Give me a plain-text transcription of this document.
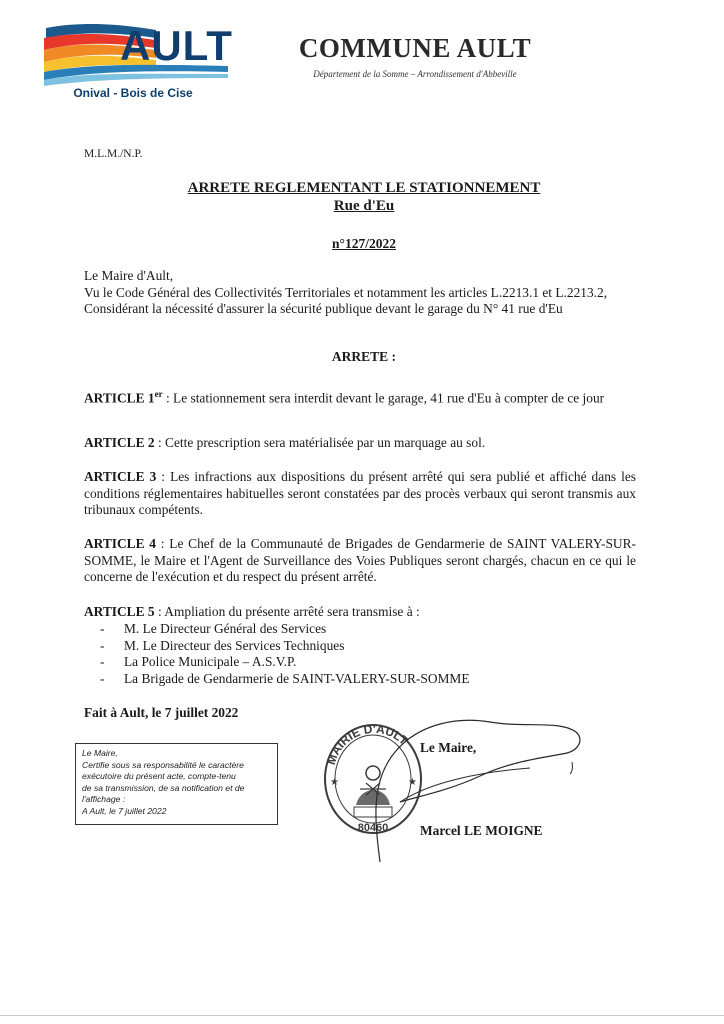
AULT
Onival - Bois de Cise
COMMUNE AULT
Département de la Somme – Arrondissement d'Abbeville
M.L.M./N.P.
ARRETE REGLEMENTANT LE STATIONNEMENT
Rue d'Eu
n°127/2022
Le Maire d'Ault,
Vu le Code Général des Collectivités Territoriales et notamment les articles L.2213.1 et L.2213.2,
Considérant la nécessité d'assurer la sécurité publique devant le garage du N° 41 rue d'Eu
ARRETE :
ARTICLE 1er : Le stationnement sera interdit devant le garage, 41 rue d'Eu à compter de ce jour
ARTICLE 2 : Cette prescription sera matérialisée par un marquage au sol.
ARTICLE 3 : Les infractions aux dispositions du présent arrêté qui sera publié et affiché dans les conditions réglementaires habituelles seront constatées par des procès verbaux qui seront transmis aux tribunaux compétents.
ARTICLE 4 : Le Chef de la Communauté de Brigades de Gendarmerie de SAINT VALERY-SUR-SOMME, le Maire et l'Agent de Surveillance des Voies Publiques seront chargés, chacun en ce qui le concerne de l'exécution et du respect du présent arrêté.
ARTICLE 5 : Ampliation du présente arrêté sera transmise à :
- M. Le Directeur Général des Services
- M. Le Directeur des Services Techniques
- La Police Municipale – A.S.V.P.
- La Brigade de Gendarmerie de SAINT-VALERY-SUR-SOMME
Fait à Ault, le 7 juillet 2022
Le Maire,
Certifie sous sa responsabilité le caractère
exécutoire du présent acte, compte-tenu
de sa transmission, de sa notification et de
l'affichage :
A Ault, le 7 juillet 2022
MAIRIE D'AULT
★	★
80460
Le Maire,
Marcel LE MOIGNE
